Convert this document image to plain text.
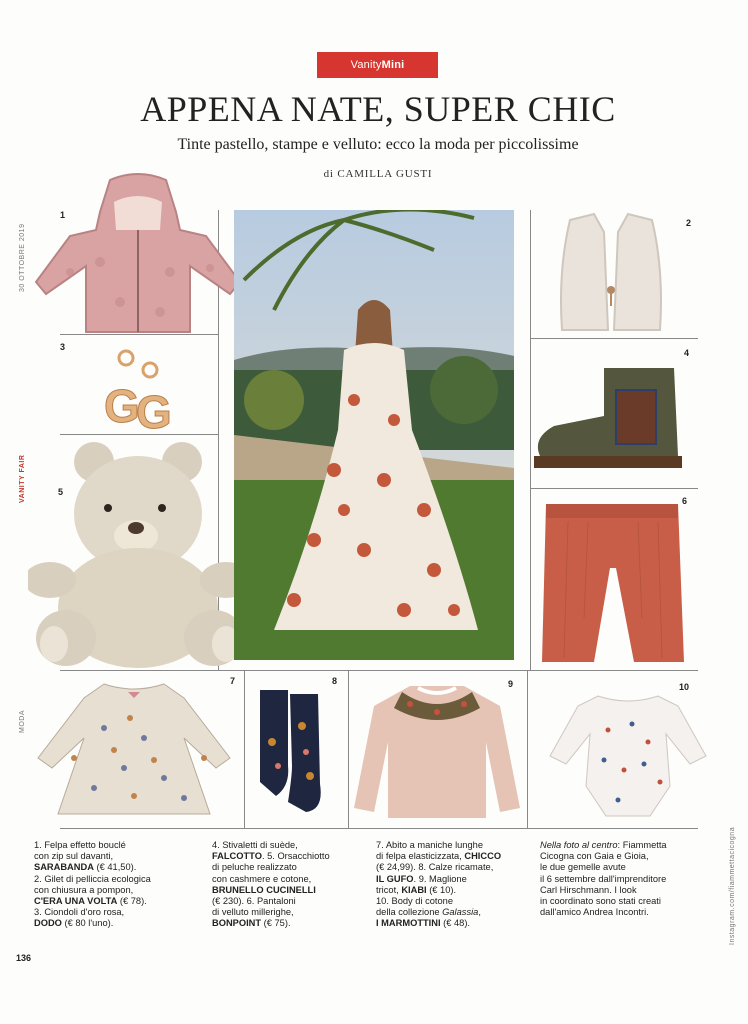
Vanity Mini
APPENA NATE, SUPER CHIC
Tinte pastello, stampe e velluto: ecco la moda per piccolissime
di CAMILLA GUSTI
30 OTTOBRE 2019
VANITY FAIR
MODA
Instagram.com/fiammettacicogna
1
2
3
4
5
6
7	8	9	10
G
G
1. Felpa effetto bouclé
con zip sul davanti,
SARABANDA (€ 41,50).
2. Gilet di pelliccia ecologica
con chiusura a pompon,
C'ERA UNA VOLTA (€ 78).
3. Ciondoli d'oro rosa,
DODO (€ 80 l'uno).
4. Stivaletti di suède,
FALCOTTO. 5. Orsacchiotto
di peluche realizzato
con cashmere e cotone,
BRUNELLO CUCINELLI
(€ 230). 6. Pantaloni
di velluto millerighe,
BONPOINT (€ 75).
7. Abito a maniche lunghe
di felpa elasticizzata, CHICCO
(€ 24,99). 8. Calze ricamate,
IL GUFO. 9. Maglione
tricot, KIABI (€ 10).
10. Body di cotone
della collezione Galassia,
I MARMOTTINI (€ 48).
Nella foto al centro: Fiammetta
Cicogna con Gaia e Gioia,
le due gemelle avute
il 6 settembre dall'imprenditore
Carl Hirschmann. I look
in coordinato sono stati creati
dall'amico Andrea Incontri.
136
